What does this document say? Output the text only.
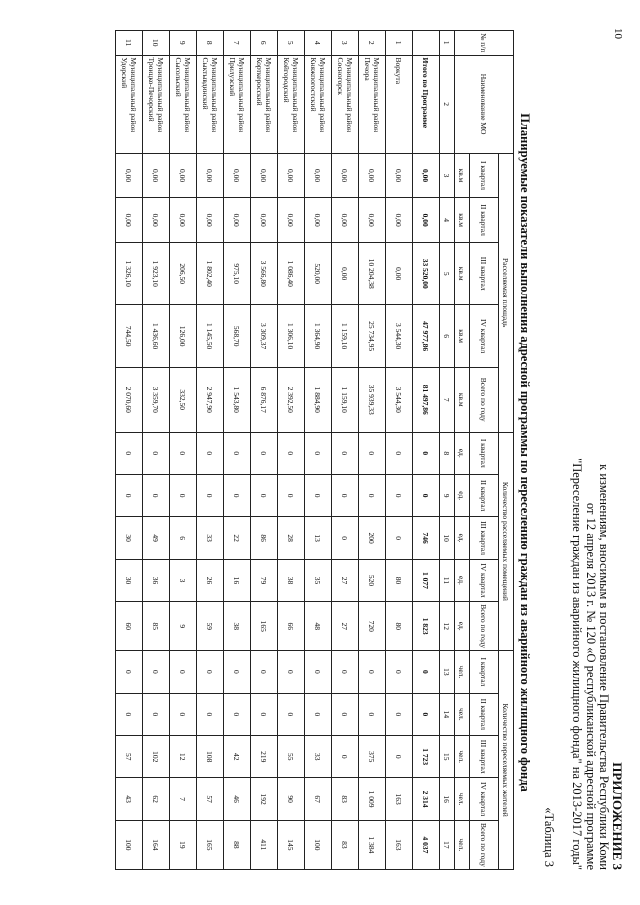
10
ПРИЛОЖЕНИЕ 3
к изменениям, вносимым в постановление Правительства Республики Коми
от 12 апреля 2013 г. № 120 «О республиканской адресной программе
"Переселение граждан из аварийного жилищного фонда" на 2013-2017 годы"
«Таблица 3
Планируемые показатели выполнения адресной программы по переселению граждан из аварийного жилищного фонда
№ п/п	Наименование МО	Расселяемая площадь					Количество расселяемых помещений					Количество переселяемых жителей				
		I квартал	II квартал	III квартал	IV квартал	Всего по году	I квартал	II квартал	III квартал	IV квартал	Всего по году	I квартал	II квартал	III квартал	IV квартал	Всего по году
		кв.м	кв.м	кв.м	кв.м	кв.м	ед.	ед.	ед.	ед.	ед.	чел.	чел.	чел.	чел.	чел.
1	2	3	4	5	6	7	8	9	10	11	12	13	14	15	16	17
	Итого по Программе	0,00	0,00	33 520,00	47 977,86	81 497,86	0	0	746	1 077	1 823	0	0	1 723	2 314	4 037
1	Воркута	0,00	0,00	0,00	3 544,30	3 544,30	0	0	0	80	80	0	0	0	163	163
2	Муниципальный район Печора	0,00	0,00	10 204,38	25 734,95	35 939,33	0	0	200	520	720	0	0	375	1 009	1 384
3	Муниципальный район Сосногорск	0,00	0,00	0,00	1 159,10	1 159,10	0	0	0	27	27	0	0	0	83	83
4	Муниципальный район Княжпогостский	0,00	0,00	520,00	1 364,90	1 884,90	0	0	13	35	48	0	0	33	67	100
5	Муниципальный район Койгородский	0,00	0,00	1 086,40	1 306,10	2 392,50	0	0	28	38	66	0	0	55	90	145
6	Муниципальный район Корткеросский	0,00	0,00	3 566,80	3 309,37	6 876,17	0	0	86	79	165	0	0	219	192	411
7	Муниципальный район Прилузский	0,00	0,00	975,10	568,70	1 543,80	0	0	22	16	38	0	0	42	46	88
8	Муниципальный район Сыктывдинский	0,00	0,00	1 802,40	1 145,50	2 947,90	0	0	33	26	59	0	0	108	57	165
9	Муниципальный район Сысольский	0,00	0,00	206,50	126,00	332,50	0	0	6	3	9	0	0	12	7	19
10	Муниципальный район Троицко-Печорский	0,00	0,00	1 923,10	1 436,60	3 359,70	0	0	49	36	85	0	0	102	62	164
11	Муниципальный район Удорский	0,00	0,00	1 326,10	744,50	2 070,60	0	0	30	30	60	0	0	57	43	100
